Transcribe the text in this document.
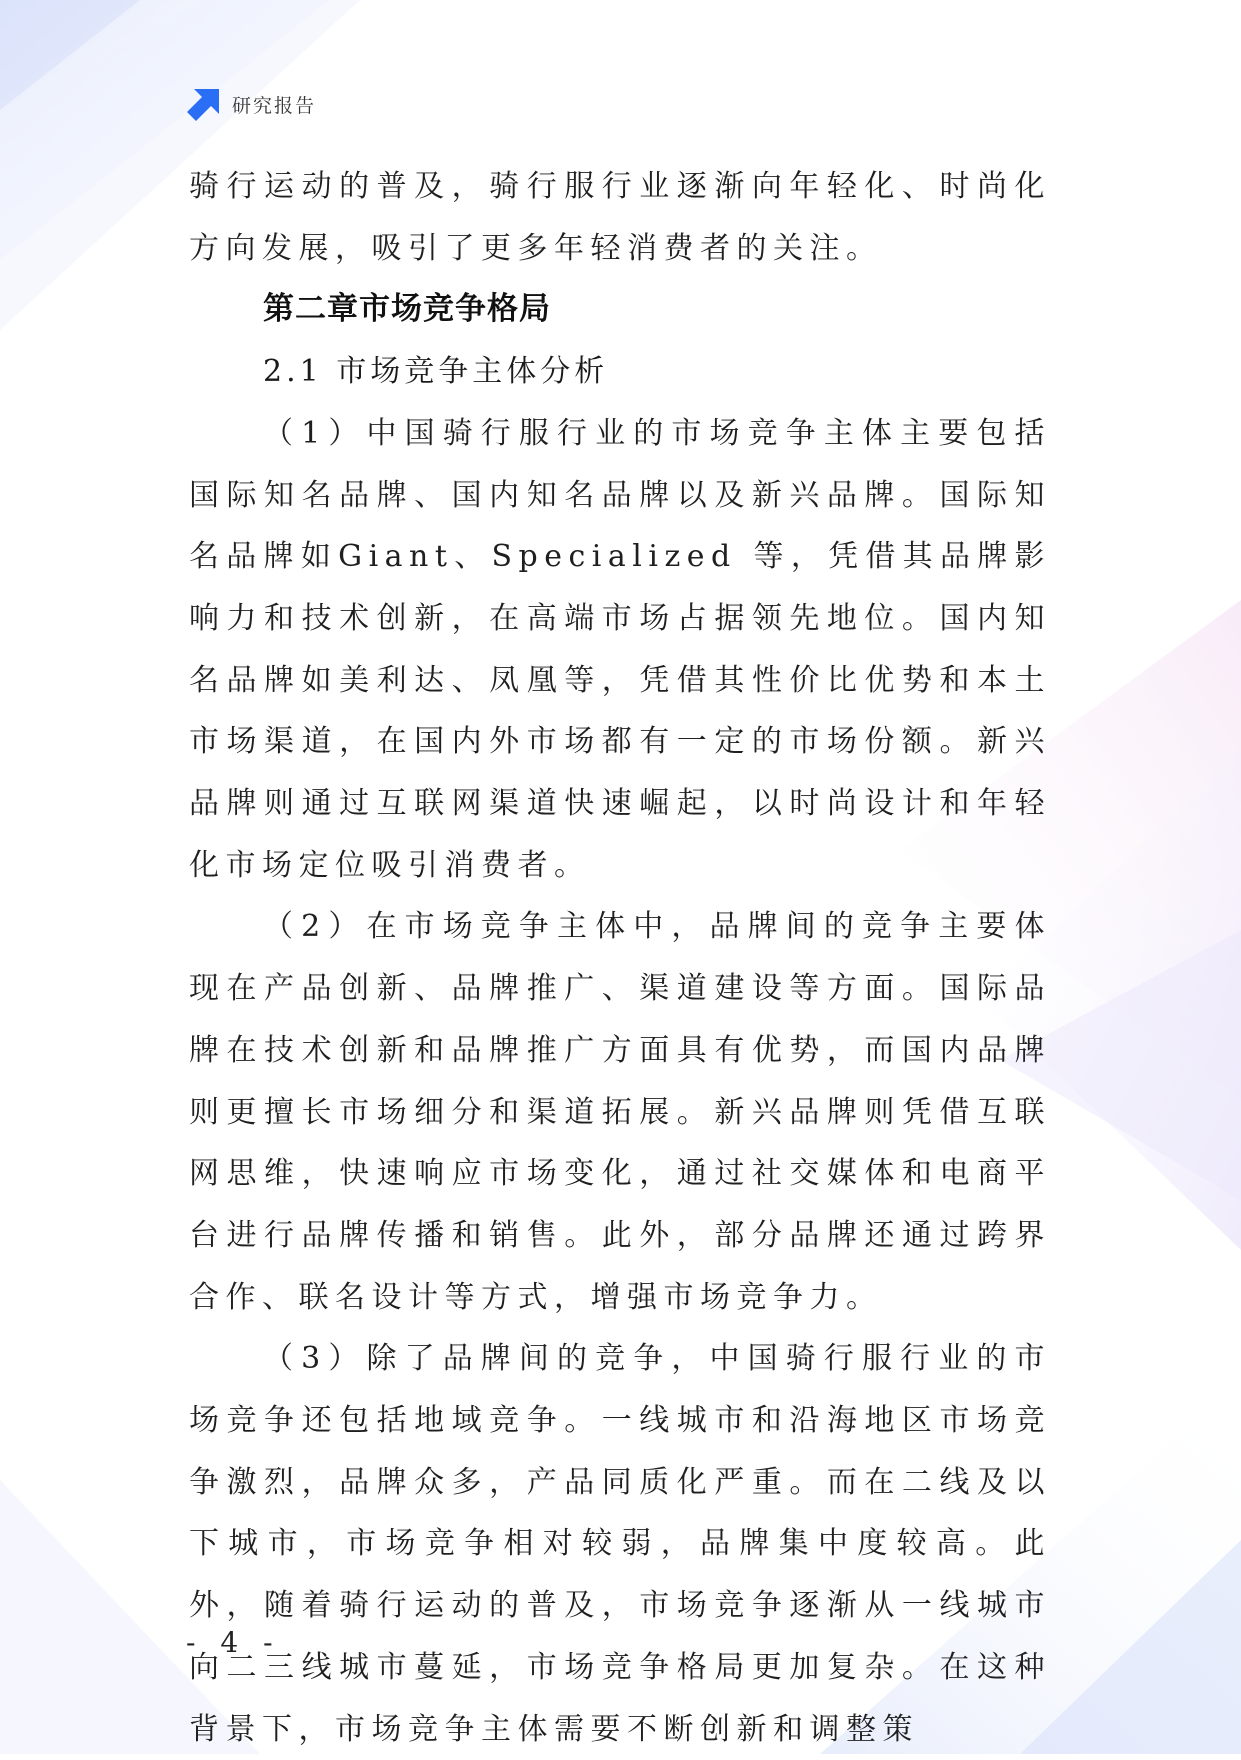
研究报告

骑行运动的普及，骑行服行业逐渐向年轻化、时尚化方向发展，吸引了更多年轻消费者的关注。

第二章市场竞争格局
2.1 市场竞争主体分析

（1）中国骑行服行业的市场竞争主体主要包括国际知名品牌、国内知名品牌以及新兴品牌。国际知名品牌如Giant、Specialized 等，凭借其品牌影响力和技术创新，在高端市场占据领先地位。国内知名品牌如美利达、凤凰等，凭借其性价比优势和本土市场渠道，在国内外市场都有一定的市场份额。新兴品牌则通过互联网渠道快速崛起，以时尚设计和年轻化市场定位吸引消费者。

（2）在市场竞争主体中，品牌间的竞争主要体现在产品创新、品牌推广、渠道建设等方面。国际品牌在技术创新和品牌推广方面具有优势，而国内品牌则更擅长市场细分和渠道拓展。新兴品牌则凭借互联网思维，快速响应市场变化，通过社交媒体和电商平台进行品牌传播和销售。此外，部分品牌还通过跨界合作、联名设计等方式，增强市场竞争力。

（3）除了品牌间的竞争，中国骑行服行业的市场竞争还包括地域竞争。一线城市和沿海地区市场竞争激烈，品牌众多，产品同质化严重。而在二线及以下城市，市场竞争相对较弱，品牌集中度较高。此外，随着骑行运动的普及，市场竞争逐渐从一线城市向二三线城市蔓延，市场竞争格局更加复杂。在这种背景下，市场竞争主体需要不断创新和调整策

- 4 -
